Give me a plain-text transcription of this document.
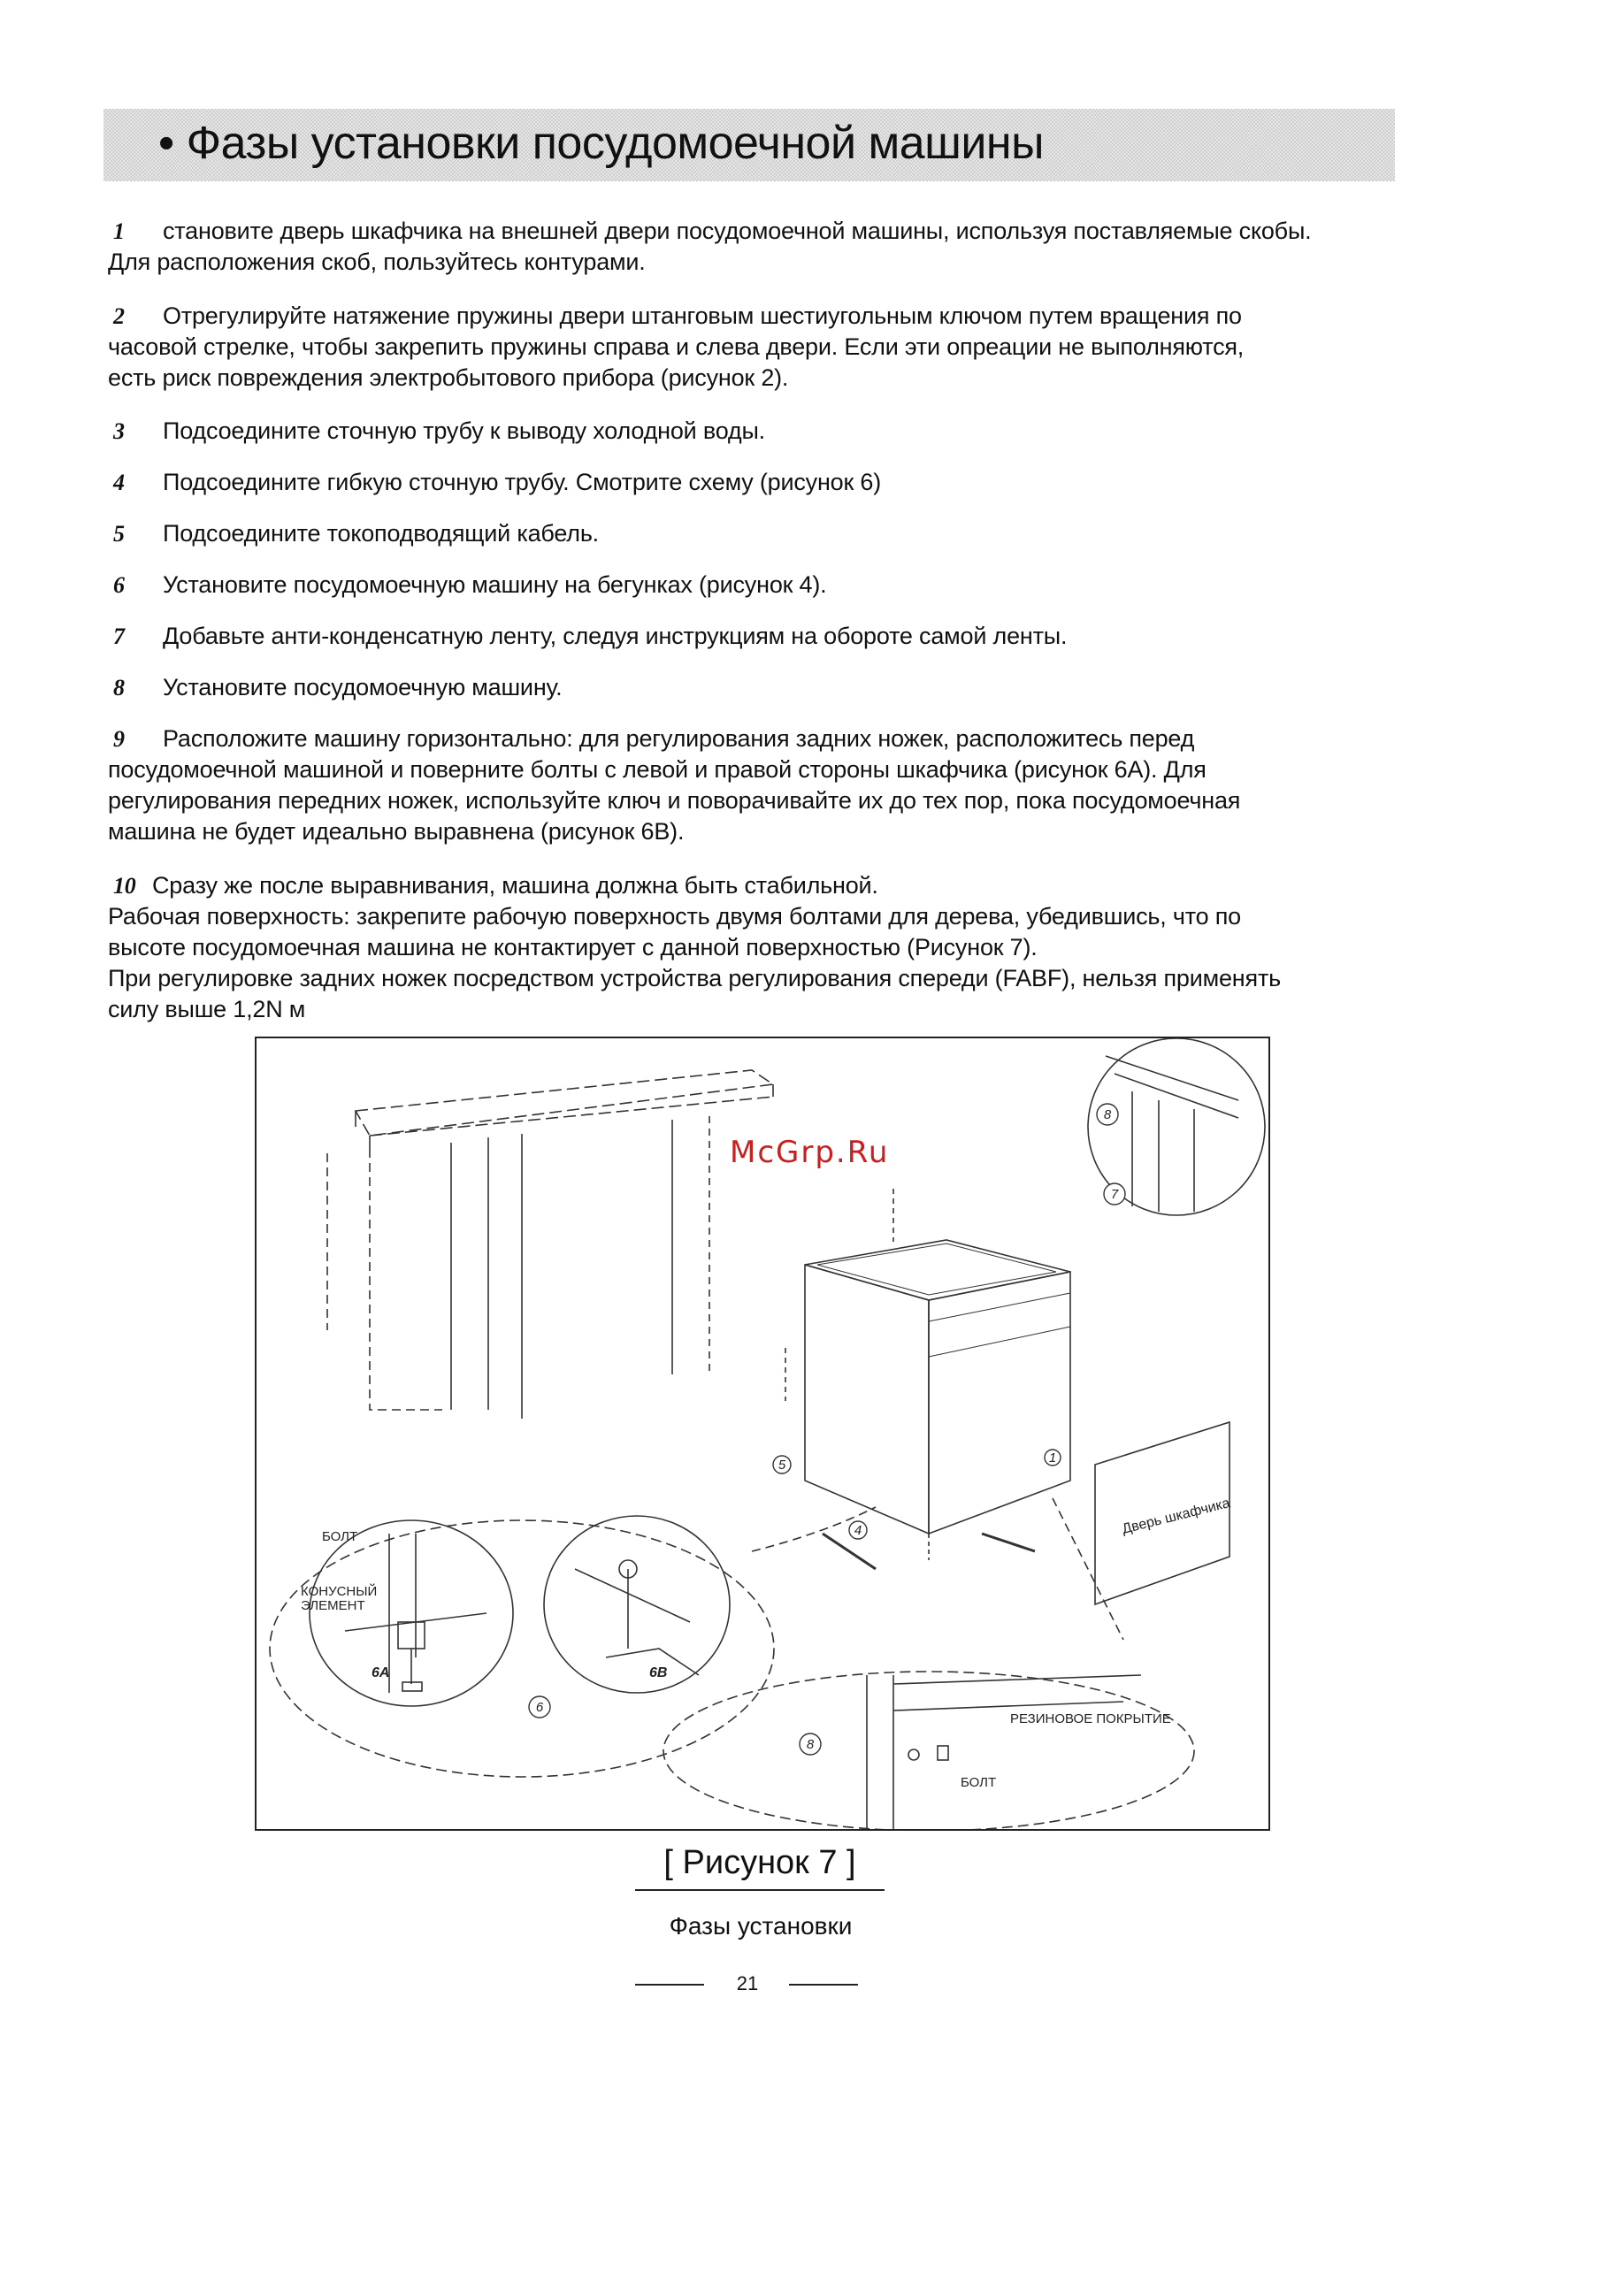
• Фазы установки посудомоечной машины
1 становите дверь шкафчика на внешней двери посудомоечной машины, используя поставляемые скобы.
Для расположения скоб, пользуйтесь контурами.
2 Отрегулируйте натяжение пружины двери штанговым шестиугольным ключом путем вращения по
часовой стрелке, чтобы закрепить пружины справа и слева двери. Если эти опреации не выполняются,
есть риск повреждения электробытового прибора (рисунок 2).
3 Подсоедините сточную трубу к выводу холодной воды.
4 Подсоедините гибкую сточную трубу. Смотрите схему (рисунок 6)
5 Подсоедините токоподводящий кабель.
6 Установите посудомоечную машину на бегунках (рисунок 4).
7 Добавьте анти-конденсатную ленту, следуя инструкциям на обороте самой ленты.
8 Установите посудомоечную машину.
9 Расположите машину горизонтально: для регулирования задних ножек, расположитесь перед
посудомоечной машиной и поверните болты с левой и правой стороны шкафчика (рисунок 6А). Для
регулирования передних ножек, используйте ключ и поворачивайте их до тех пор, пока посудомоечная
машина не будет идеально выравнена (рисунок 6В).
10 Сразу же после выравнивания, машина должна быть стабильной.
Рабочая поверхность: закрепите рабочую поверхность двумя болтами для дерева, убедившись, что по
высоте посудомоечная машина не контактирует с данной поверхностью (Рисунок 7).
При регулировке задних ножек посредством устройства регулирования спереди (FABF), нельзя применять
силу выше 1,2N м
1
4
5
6
7
8
8
БОЛТ
КОНУСНЫЙ
ЭЛЕМЕНТ
РЕЗИНОВОЕ ПОКРЫТИЕ
БОЛТ
Дверь шкафчика
6A	6B
McGrp.Ru
[ Рисунок 7 ]
Фазы установки
21
